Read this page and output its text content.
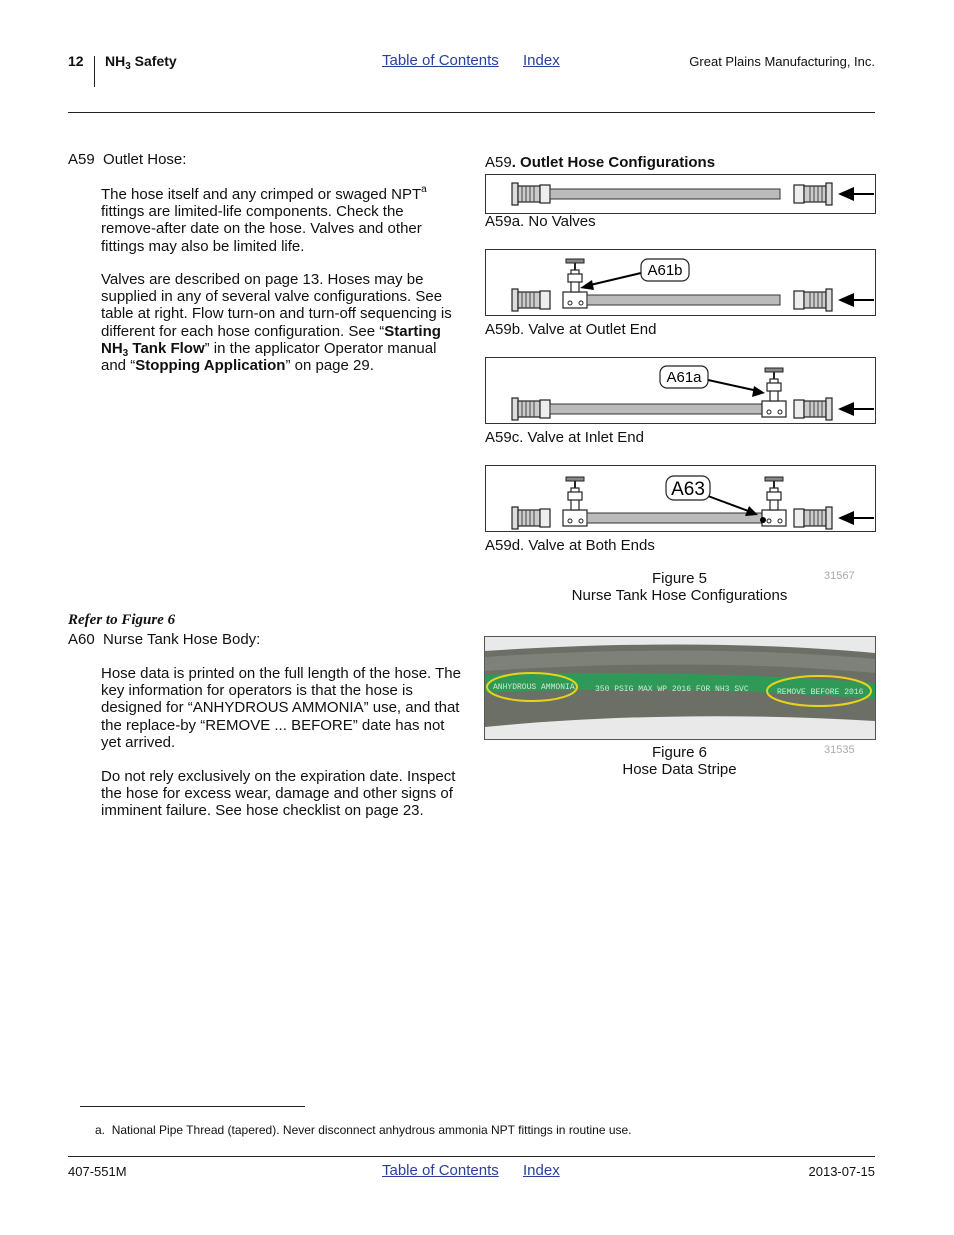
12 $NH_3$ Safety	Table of Contents Index	Great Plains Manufacturing, Inc.
A59 Outlet Hose:
The hose itself and any crimped or swaged NPT$^a$ fittings are limited-life components. Check the remove-after date on the hose. Valves and other fittings may also be limited life.
Valves are described on page 13. Hoses may be supplied in any of several valve configurations. See table at right. Flow turn-on and turn-off sequencing is different for each hose configuration. See “Starting $NH_3$ Tank Flow” in the applicator Operator manual and “Stopping Application” on page 29.
Refer to Figure 6
A60 Nurse Tank Hose Body:
Hose data is printed on the full length of the hose. The key information for operators is that the hose is designed for “ANHYDROUS AMMONIA” use, and that the replace-by “REMOVE ... BEFORE” date has not yet arrived.
Do not rely exclusively on the expiration date. Inspect the hose for excess wear, damage and other signs of imminent failure. See hose checklist on page 23.
A59. Outlet Hose Configurations
A59a. No Valves
A61b
A59b. Valve at Outlet End
A61a
A59c. Valve at Inlet End
A63
A59d. Valve at Both Ends
Figure 5
Nurse Tank Hose Configurations
31567
ANHYDROUS AMMONIA	350 PSIG MAX WP 2016 FOR NH3 SVC	REMOVE BEFORE 2016
Figure 6
Hose Data Stripe
31535
a. National Pipe Thread (tapered). Never disconnect anhydrous ammonia NPT fittings in routine use.
407-551M	Table of Contents Index	2013-07-15
